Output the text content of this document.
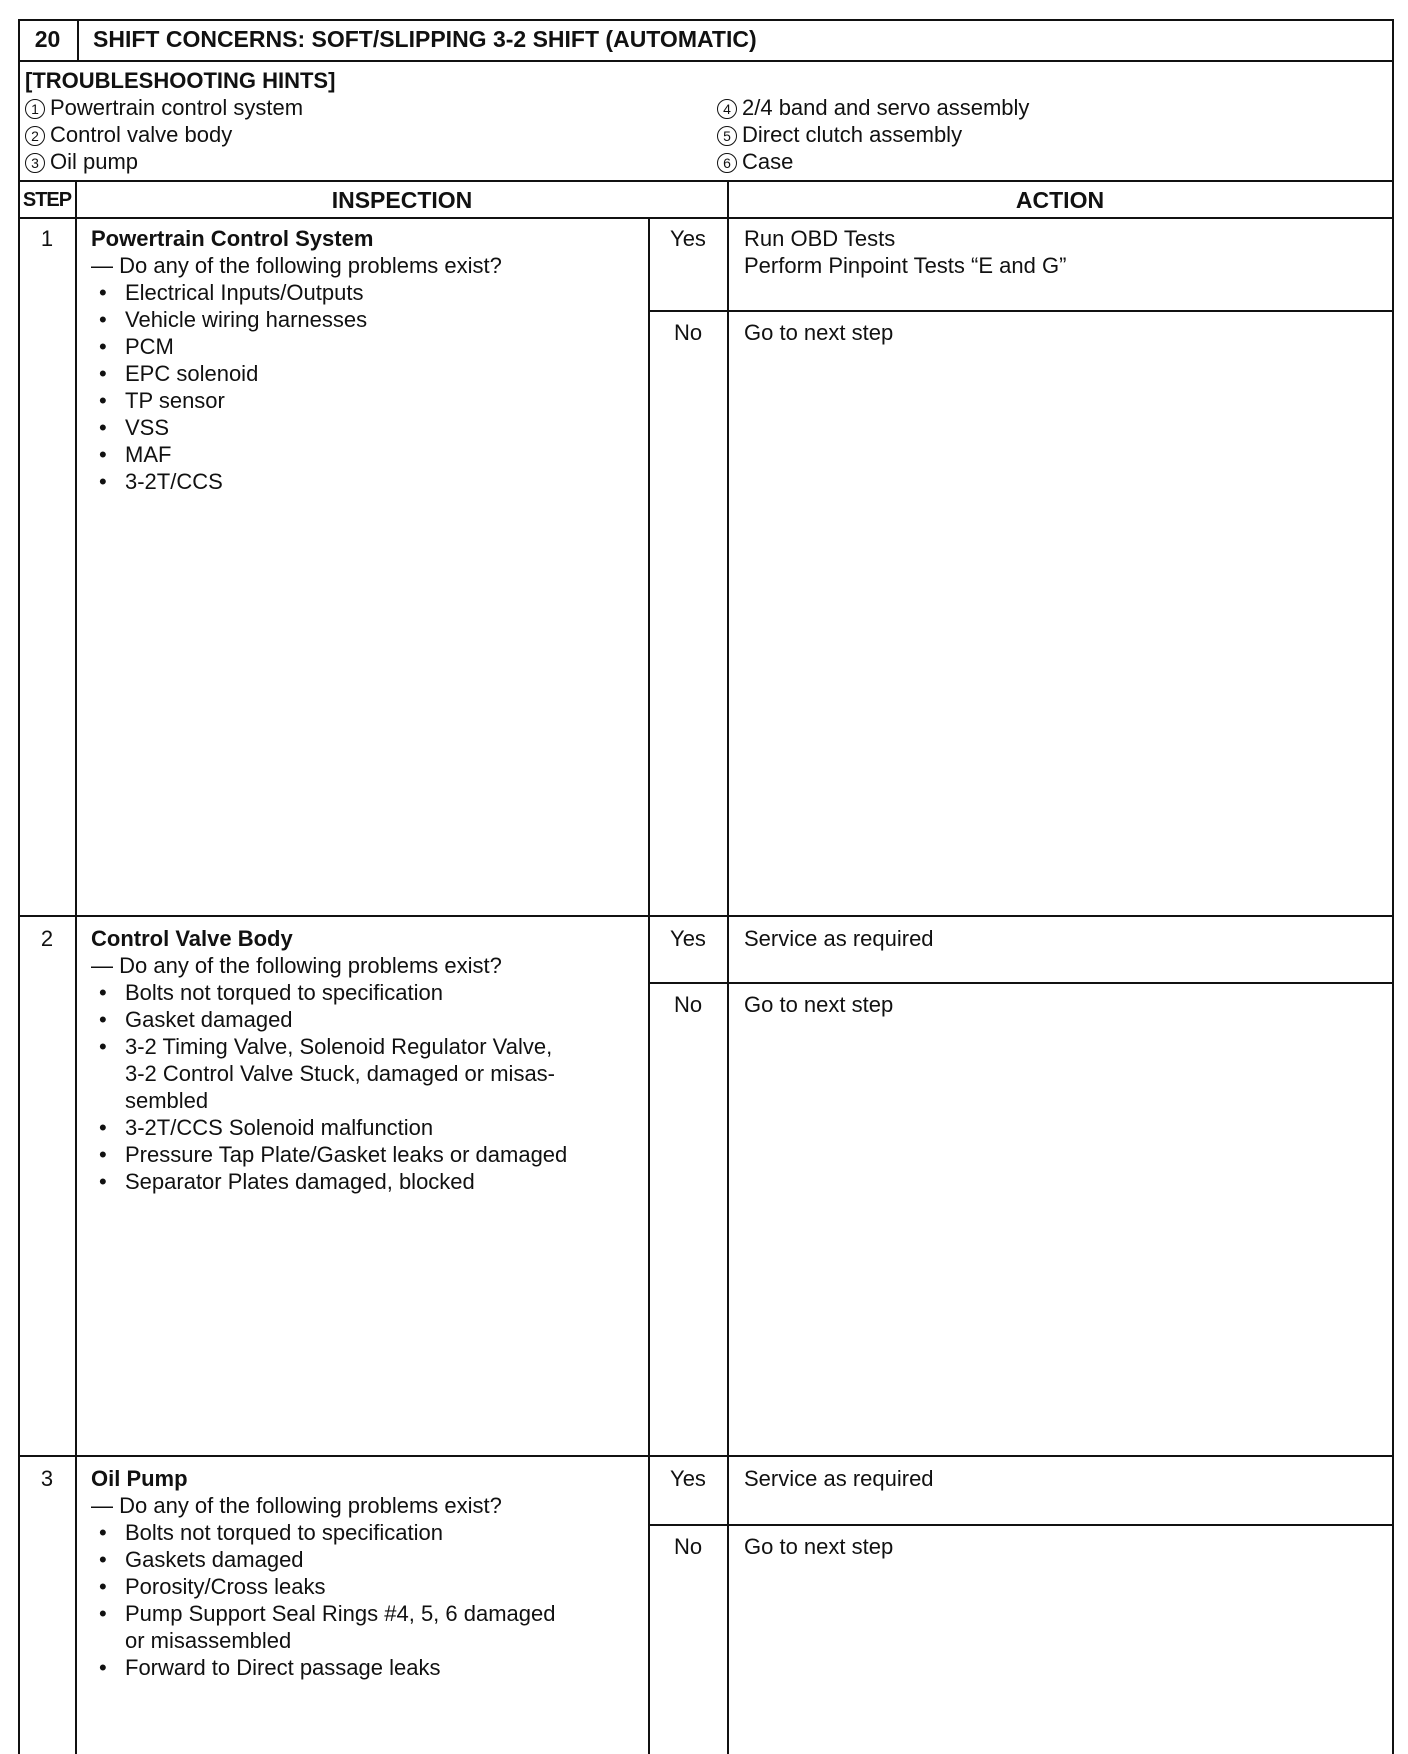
20	SHIFT CONCERNS: SOFT/SLIPPING 3-2 SHIFT (AUTOMATIC)
[TROUBLESHOOTING HINTS]
1 Powertrain control system
2 Control valve body
3 Oil pump
4 2/4 band and servo assembly
5 Direct clutch assembly
6 Case
STEP	INSPECTION	ACTION
1	Powertrain Control System
— Do any of the following problems exist?
• Electrical Inputs/Outputs
• Vehicle wiring harnesses
• PCM
• EPC solenoid
• TP sensor
• VSS
• MAF
• 3-2T/CCS
Yes	Run OBD Tests
Perform Pinpoint Tests “E and G”
No	Go to next step
2	Control Valve Body
— Do any of the following problems exist?
• Bolts not torqued to specification
• Gasket damaged
• 3-2 Timing Valve, Solenoid Regulator Valve,
3-2 Control Valve Stuck, damaged or misas-
sembled
• 3-2T/CCS Solenoid malfunction
• Pressure Tap Plate/Gasket leaks or damaged
• Separator Plates damaged, blocked
Yes	Service as required
No	Go to next step
3	Oil Pump
— Do any of the following problems exist?
• Bolts not torqued to specification
• Gaskets damaged
• Porosity/Cross leaks
• Pump Support Seal Rings #4, 5, 6 damaged
or misassembled
• Forward to Direct passage leaks
Yes	Service as required
No	Go to next step
